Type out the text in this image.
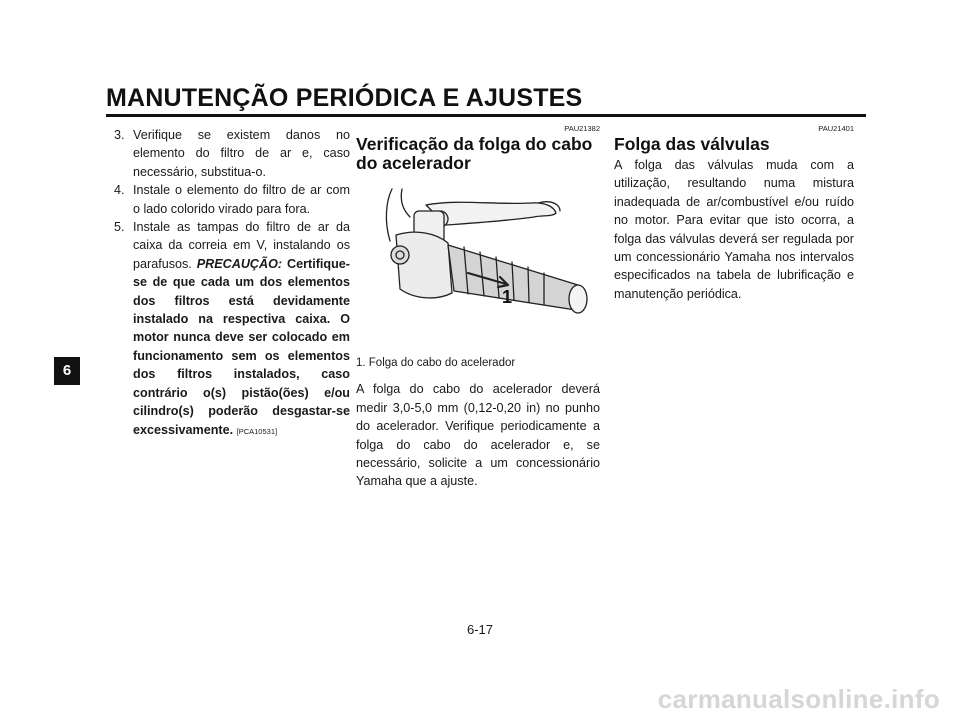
MANUTENÇÃO PERIÓDICA E AJUSTES
6
3. Verifique se existem danos no elemento do filtro de ar e, caso necessário, substitua-o.
4. Instale o elemento do filtro de ar com o lado colorido virado para fora.
5. Instale as tampas do filtro de ar da caixa da correia em V, instalando os parafusos. PRECAUÇÃO: Certifique-se de que cada um dos elementos dos filtros está devidamente instalado na respectiva caixa. O motor nunca deve ser colocado em funcionamento sem os elementos dos filtros instalados, caso contrário o(s) pistão(ões) e/ou cilindro(s) poderão desgastar-se excessivamente. [PCA10531]
PAU21382
Verificação da folga do cabo do acelerador
1
1. Folga do cabo do acelerador

A folga do cabo do acelerador deverá medir 3,0-5,0 mm (0,12-0,20 in) no punho do acelerador. Verifique periodicamente a folga do cabo do acelerador e, se necessário, solicite a um concessionário Yamaha que a ajuste.

PAU21401
Folga das válvulas

A folga das válvulas muda com a utilização, resultando numa mistura inadequada de ar/combustível e/ou ruído no motor. Para evitar que isto ocorra, a folga das válvulas deverá ser regulada por um concessionário Yamaha nos intervalos especificados na tabela de lubrificação e manutenção periódica.

6-17
carmanualsonline.info
